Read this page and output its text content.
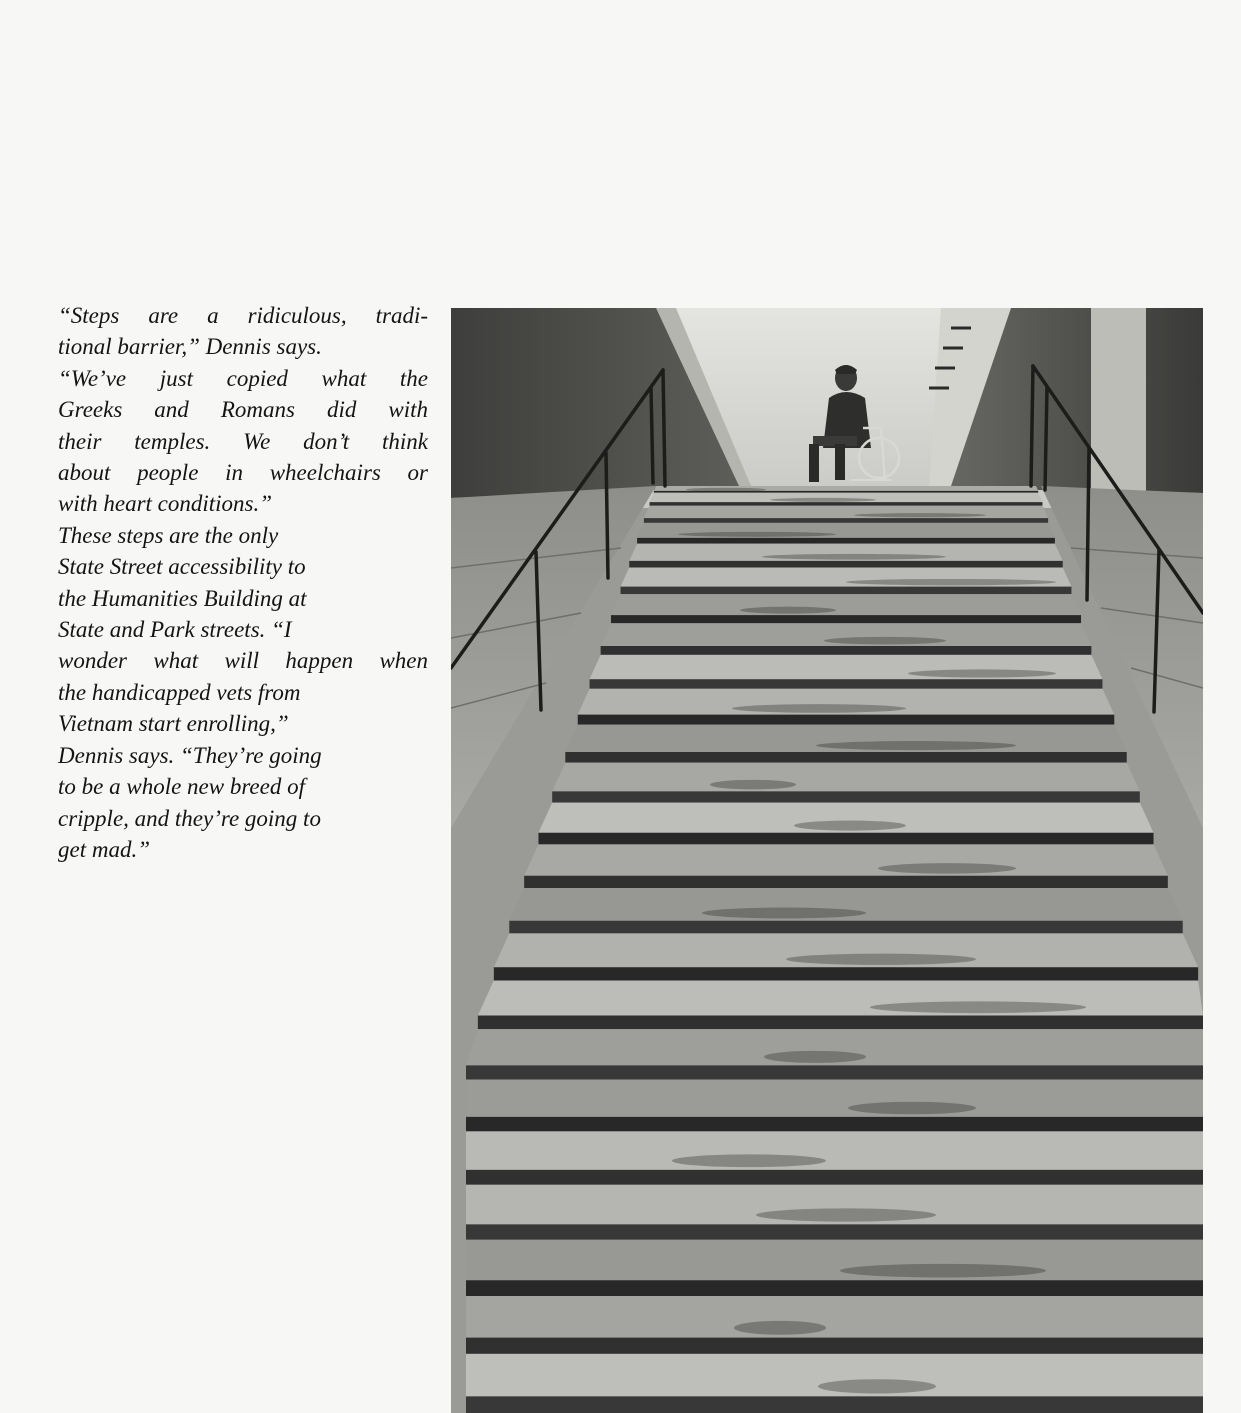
“Steps are a ridiculous, tradi-
tional barrier,” Dennis says.
“We’ve just copied what the
Greeks and Romans did with
their temples. We don’t think
about people in wheelchairs or
with heart conditions.”
These steps are the only
State Street accessibility to
the Humanities Building at
State and Park streets. “I
wonder what will happen when
the handicapped vets from
Vietnam start enrolling,”
Dennis says. “They’re going
to be a whole new breed of
cripple, and they’re going to
get mad.”
